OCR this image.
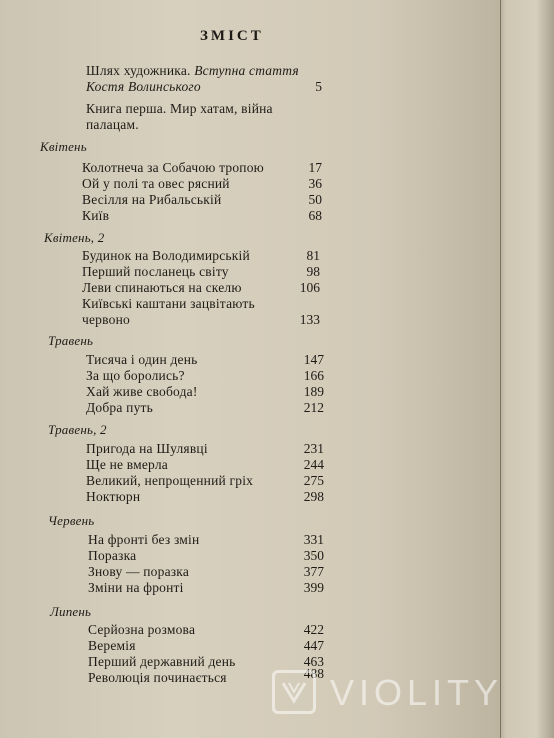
ЗМІСТ
Шлях художника. Вступна стаття
Костя Волинського	5
Книга перша. Мир хатам, війна
палацам.
Квітень
Колотнеча за Собачою тропою	17
Ой у полі та овес рясний	36
Весілля на Рибальській	50
Київ	68
Квітень, 2
Будинок на Володимирській	81
Перший посланець світу	98
Леви спинаються на скелю	106
Київські каштани зацвітають
червоно	133
Травень
Тисяча і один день	147
За що боролись?	166
Хай живе свобода!	189
Добра путь	212
Травень, 2
Пригода на Шулявці	231
Ще не вмерла	244
Великий, непрощенний гріх	275
Ноктюрн	298
Червень
На фронті без змін	331
Поразка	350
Знову — поразка	377
Зміни на фронті	399
Липень
Серйозна розмова	422
Веремія	447
Перший державний день	463
Революція починається	488 VIOLITY
